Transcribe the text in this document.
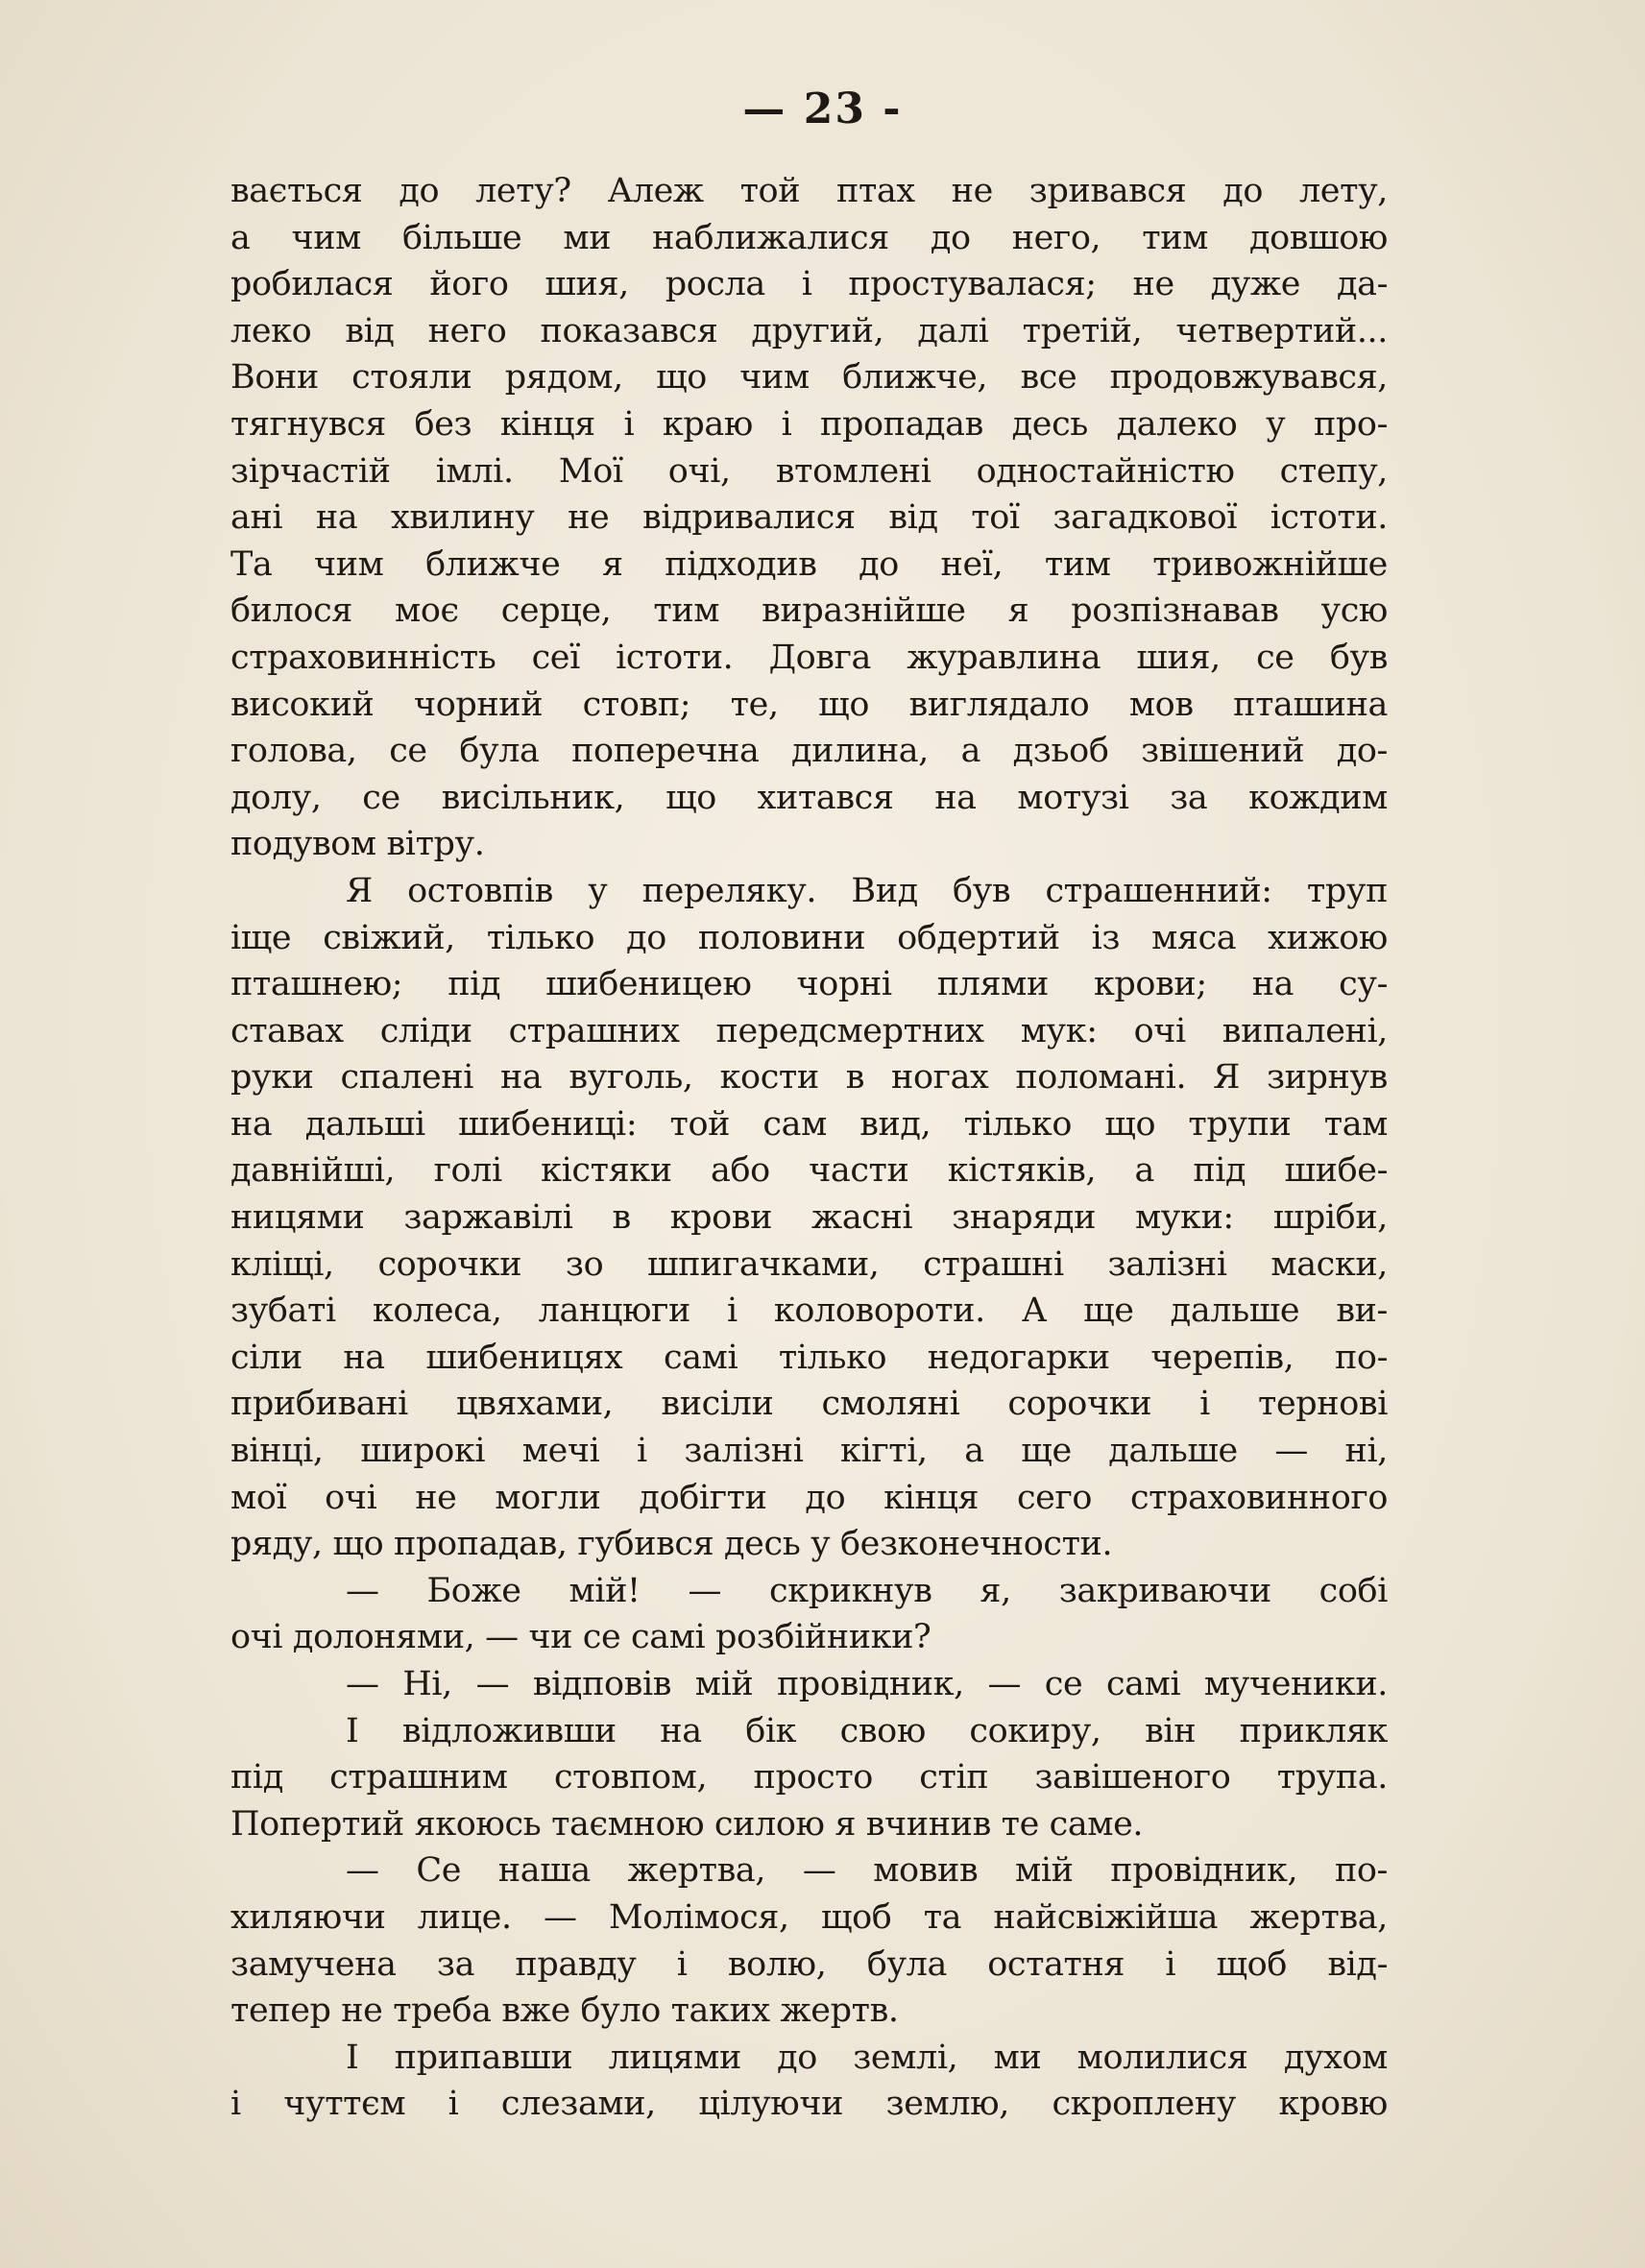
— 23 -
вається до лету? Алеж той птах не зривався до лету,
а чим більше ми наближалися до него, тим довшою
робилася його шия, росла і простувалася; не дуже да-
леко від него показався другий, далі третій, четвертий...
Вони стояли рядом, що чим ближче, все продовжувався,
тягнувся без кінця і краю і пропадав десь далеко у про-
зірчастій імлі. Мої очі, втомлені одностайністю степу,
ані на хвилину не відривалися від тої загадкової істоти.
Та чим ближче я підходив до неї, тим тривожнійше
билося моє серце, тим виразнійше я розпізнавав усю
страховинність сеї істоти. Довга журавлина шия, се був
високий чорний стовп; те, що виглядало мов пташина
голова, се була поперечна дилина, а дзьоб звішений до-
долу, се висільник, що хитався на мотузі за кождим
подувом вітру.
Я остовпів у переляку. Вид був страшенний: труп
іще свіжий, тілько до половини обдертий із мяса хижою
пташнею; під шибеницею чорні плями крови; на су-
ставах сліди страшних передсмертних мук: очі випалені,
руки спалені на вуголь, кости в ногах поломані. Я зирнув
на дальші шибениці: той сам вид, тілько що трупи там
давнійші, голі кістяки або части кістяків, а під шибе-
ницями заржавілі в крови жасні знаряди муки: шріби,
кліщі, сорочки зо шпигачками, страшні залізні маски,
зубаті колеса, ланцюги і коловороти. А ще дальше ви-
сіли на шибеницях самі тілько недогарки черепів, по-
прибивані цвяхами, висіли смоляні сорочки і тернові
вінці, широкі мечі і залізні кігті, а ще дальше — ні,
мої очі не могли добігти до кінця сего страховинного
ряду, що пропадав, губився десь у безконечности.
— Боже мій! — скрикнув я, закриваючи собі
очі долонями, — чи се самі розбійники?
— Ні, — відповів мій провідник, — се самі мученики.
І відложивши на бік свою сокиру, він прикляк
під страшним стовпом, просто стіп завішеного трупа.
Попертий якоюсь таємною силою я вчинив те саме.
— Се наша жертва, — мовив мій провідник, по-
хиляючи лице. — Молімося, щоб та найсвіжійша жертва,
замучена за правду і волю, була остатня і щоб від-
тепер не треба вже було таких жертв.
І припавши лицями до землі, ми молилися духом
і чуттєм і слезами, цілуючи землю, скроплену кровю
